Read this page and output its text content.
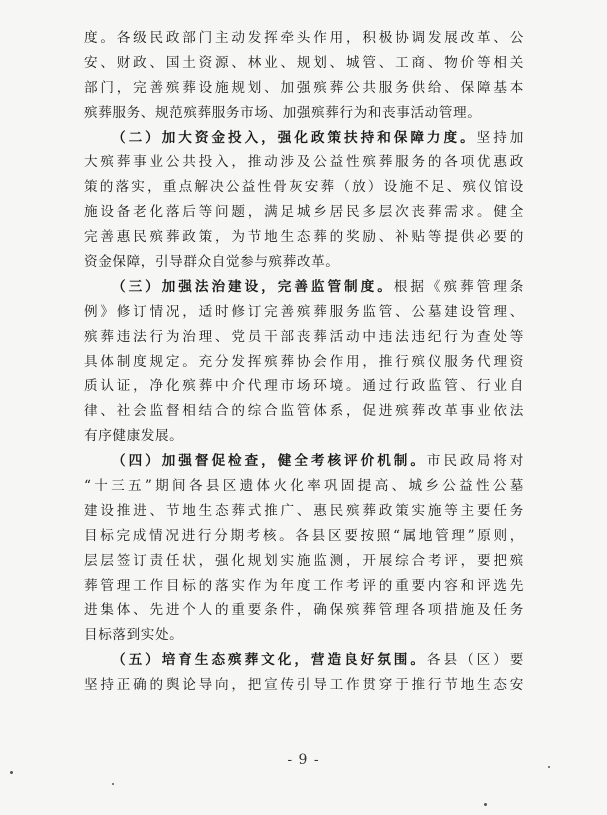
度。各级民政部门主动发挥牵头作用，积极协调发展改革、公
安、财政、国土资源、林业、规划、城管、工商、物价等相关
部门，完善殡葬设施规划、加强殡葬公共服务供给、保障基本
殡葬服务、规范殡葬服务市场、加强殡葬行为和丧事活动管理。
（二）加大资金投入，强化政策扶持和保障力度。坚持加
大殡葬事业公共投入，推动涉及公益性殡葬服务的各项优惠政
策的落实，重点解决公益性骨灰安葬（放）设施不足、殡仪馆设
施设备老化落后等问题，满足城乡居民多层次丧葬需求。健全
完善惠民殡葬政策，为节地生态葬的奖励、补贴等提供必要的
资金保障，引导群众自觉参与殡葬改革。
（三）加强法治建设，完善监管制度。根据《殡葬管理条
例》修订情况，适时修订完善殡葬服务监管、公墓建设管理、
殡葬违法行为治理、党员干部丧葬活动中违法违纪行为查处等
具体制度规定。充分发挥殡葬协会作用，推行殡仪服务代理资
质认证，净化殡葬中介代理市场环境。通过行政监管、行业自
律、社会监督相结合的综合监管体系，促进殡葬改革事业依法
有序健康发展。
（四）加强督促检查，健全考核评价机制。市民政局将对
“十三五”期间各县区遗体火化率巩固提高、城乡公益性公墓
建设推进、节地生态葬式推广、惠民殡葬政策实施等主要任务
目标完成情况进行分期考核。各县区要按照“属地管理”原则，
层层签订责任状，强化规划实施监测，开展综合考评，要把殡
葬管理工作目标的落实作为年度工作考评的重要内容和评选先
进集体、先进个人的重要条件，确保殡葬管理各项措施及任务
目标落到实处。
（五）培育生态殡葬文化，营造良好氛围。各县（区）要
坚持正确的舆论导向，把宣传引导工作贯穿于推行节地生态安
- 9 -
